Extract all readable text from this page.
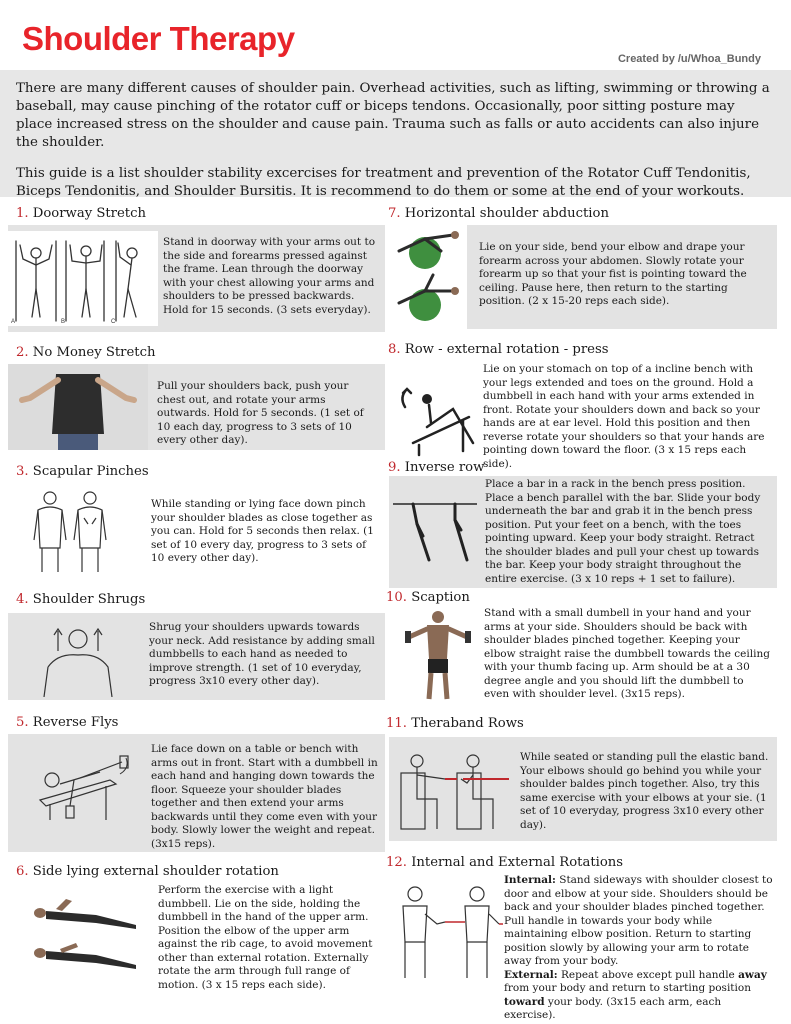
Shoulder Therapy
Created by /u/Whoa_Bundy

There are many different causes of shoulder pain. Overhead activities, such as lifting, swimming or throwing a baseball, may cause pinching of the rotator cuff or biceps tendons. Occasionally, poor sitting posture may place increased stress on the shoulder and cause pain. Trauma such as falls or auto accidents can also injure the shoulder.

This guide is a list shoulder stability excercises for treatment and prevention of the Rotator Cuff Tendonitis, Biceps Tendonitis, and Shoulder Bursitis. It is recommend to do them or some at the end of your workouts.

1. Doorway Stretch
A	B	C
Stand in doorway with your arms out to the side and forearms pressed against the frame. Lean through the doorway with your chest allowing your arms and shoulders to be pressed backwards. Hold for 15 seconds. (3 sets everyday).
2. No Money Stretch
Pull your shoulders back, push your chest out, and rotate your arms outwards. Hold for 5 seconds. (1 set of 10 each day, progress to 3 sets of 10 every other day).
3. Scapular Pinches
While standing or lying face down pinch your shoulder blades as close together as you can. Hold for 5 seconds then relax. (1 set of 10 every day, progress to 3 sets of 10 every other day).
4. Shoulder Shrugs
Shrug your shoulders upwards towards your neck. Add resistance by adding small dumbbells to each hand as needed to improve strength. (1 set of 10 everyday, progress 3x10 every other day).
5. Reverse Flys
Lie face down on a table or bench with arms out in front. Start with a dumbbell in each hand and hanging down towards the floor. Squeeze your shoulder blades together and then extend your arms backwards until they come even with your body. Slowly lower the weight and repeat. (3x15 reps).
6. Side lying external shoulder rotation
Perform the exercise with a light dumbbell. Lie on the side, holding the dumbbell in the hand of the upper arm. Position the elbow of the upper arm against the rib cage, to avoid movement other than external rotation. Externally rotate the arm through full range of motion. (3 x 15 reps each side).
7. Horizontal shoulder abduction
Lie on your side, bend your elbow and drape your forearm across your abdomen. Slowly rotate your forearm up so that your fist is pointing toward the ceiling. Pause here, then return to the starting position. (2 x 15-20 reps each side).
8. Row - external rotation - press
Lie on your stomach on top of a incline bench with your legs extended and toes on the ground. Hold a dumbbell in each hand with your arms extended in front. Rotate your shoulders down and back so your hands are at ear level. Hold this position and then reverse rotate your shoulders so that your hands are pointing down toward the floor. (3 x 15 reps each side).
9. Inverse row
Place a bar in a rack in the bench press position. Place a bench parallel with the bar. Slide your body underneath the bar and grab it in the bench press position. Put your feet on a bench, with the toes pointing upward. Keep your body straight. Retract the shoulder blades and pull your chest up towards the bar. Keep your body straight throughout the entire exercise. (3 x 10 reps + 1 set to failure).
10. Scaption
Stand with a small dumbell in your hand and your arms at your side. Shoulders should be back with shoulder blades pinched together. Keeping your elbow straight raise the dumbbell towards the ceiling with your thumb facing up. Arm should be at a 30 degree angle and you should lift the dumbbell to even with shoulder level. (3x15 reps).
11. Theraband Rows
While seated or standing pull the elastic band. Your elbows should go behind you while your shoulder baldes pinch together. Also, try this same exercise with your elbows at your sie. (1 set of 10 everyday, progress 3x10 every other day).
12. Internal and External Rotations
Internal: Stand sideways with shoulder closest to door and elbow at your side. Shoulders should be back and your shoulder blades pinched together. Pull handle in towards your body while maintaining elbow position. Return to starting position slowly by allowing your arm to rotate away from your body.
External: Repeat above except pull handle away from your body and return to starting position toward your body. (3x15 each arm, each exercise).
